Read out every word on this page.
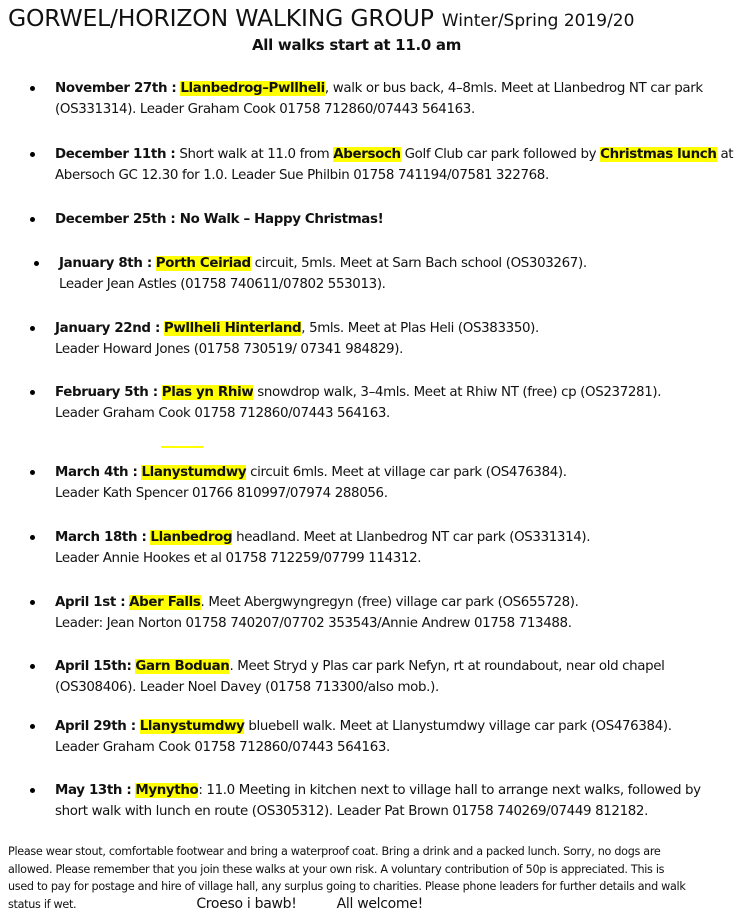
GORWEL/HORIZON WALKING GROUP Winter/Spring 2019/20
All walks start at 11.0 am
November 27th : Llanbedrog–Pwllheli, walk or bus back, 4–8mls. Meet at Llanbedrog NT car park
(OS331314). Leader Graham Cook 01758 712860/07443 564163.
December 11th : Short walk at 11.0 from Abersoch Golf Club car park followed by Christmas lunch at
Abersoch GC 12.30 for 1.0. Leader Sue Philbin 01758 741194/07581 322768.
December 25th : No Walk – Happy Christmas!
January 8th : Porth Ceiriad circuit, 5mls. Meet at Sarn Bach school (OS303267).
Leader Jean Astles (01758 740611/07802 553013).
January 22nd : Pwllheli Hinterland, 5mls. Meet at Plas Heli (OS383350).
Leader Howard Jones (01758 730519/ 07341 984829).
February 5th : Plas yn Rhiw snowdrop walk, 3–4mls. Meet at Rhiw NT (free) cp (OS237281).
Leader Graham Cook 01758 712860/07443 564163.
March 4th : Llanystumdwy circuit 6mls. Meet at village car park (OS476384).
Leader Kath Spencer 01766 810997/07974 288056.
March 18th : Llanbedrog headland. Meet at Llanbedrog NT car park (OS331314).
Leader Annie Hookes et al 01758 712259/07799 114312.
April 1st : Aber Falls. Meet Abergwyngregyn (free) village car park (OS655728).
Leader: Jean Norton 01758 740207/07702 353543/Annie Andrew 01758 713488.
April 15th: Garn Boduan. Meet Stryd y Plas car park Nefyn, rt at roundabout, near old chapel
(OS308406). Leader Noel Davey (01758 713300/also mob.).
April 29th : Llanystumdwy bluebell walk. Meet at Llanystumdwy village car park (OS476384).
Leader Graham Cook 01758 712860/07443 564163.
May 13th : Mynytho: 11.0 Meeting in kitchen next to village hall to arrange next walks, followed by
short walk with lunch en route (OS305312). Leader Pat Brown 01758 740269/07449 812182.

Please wear stout, comfortable footwear and bring a waterproof coat. Bring a drink and a packed lunch. Sorry, no dogs are

allowed. Please remember that you join these walks at your own risk. A voluntary contribution of 50p is appreciated. This is

used to pay for postage and hire of village hall, any surplus going to charities. Please phone leaders for further details and walk

status if wet.	Croeso i bawb!	All welcome!
